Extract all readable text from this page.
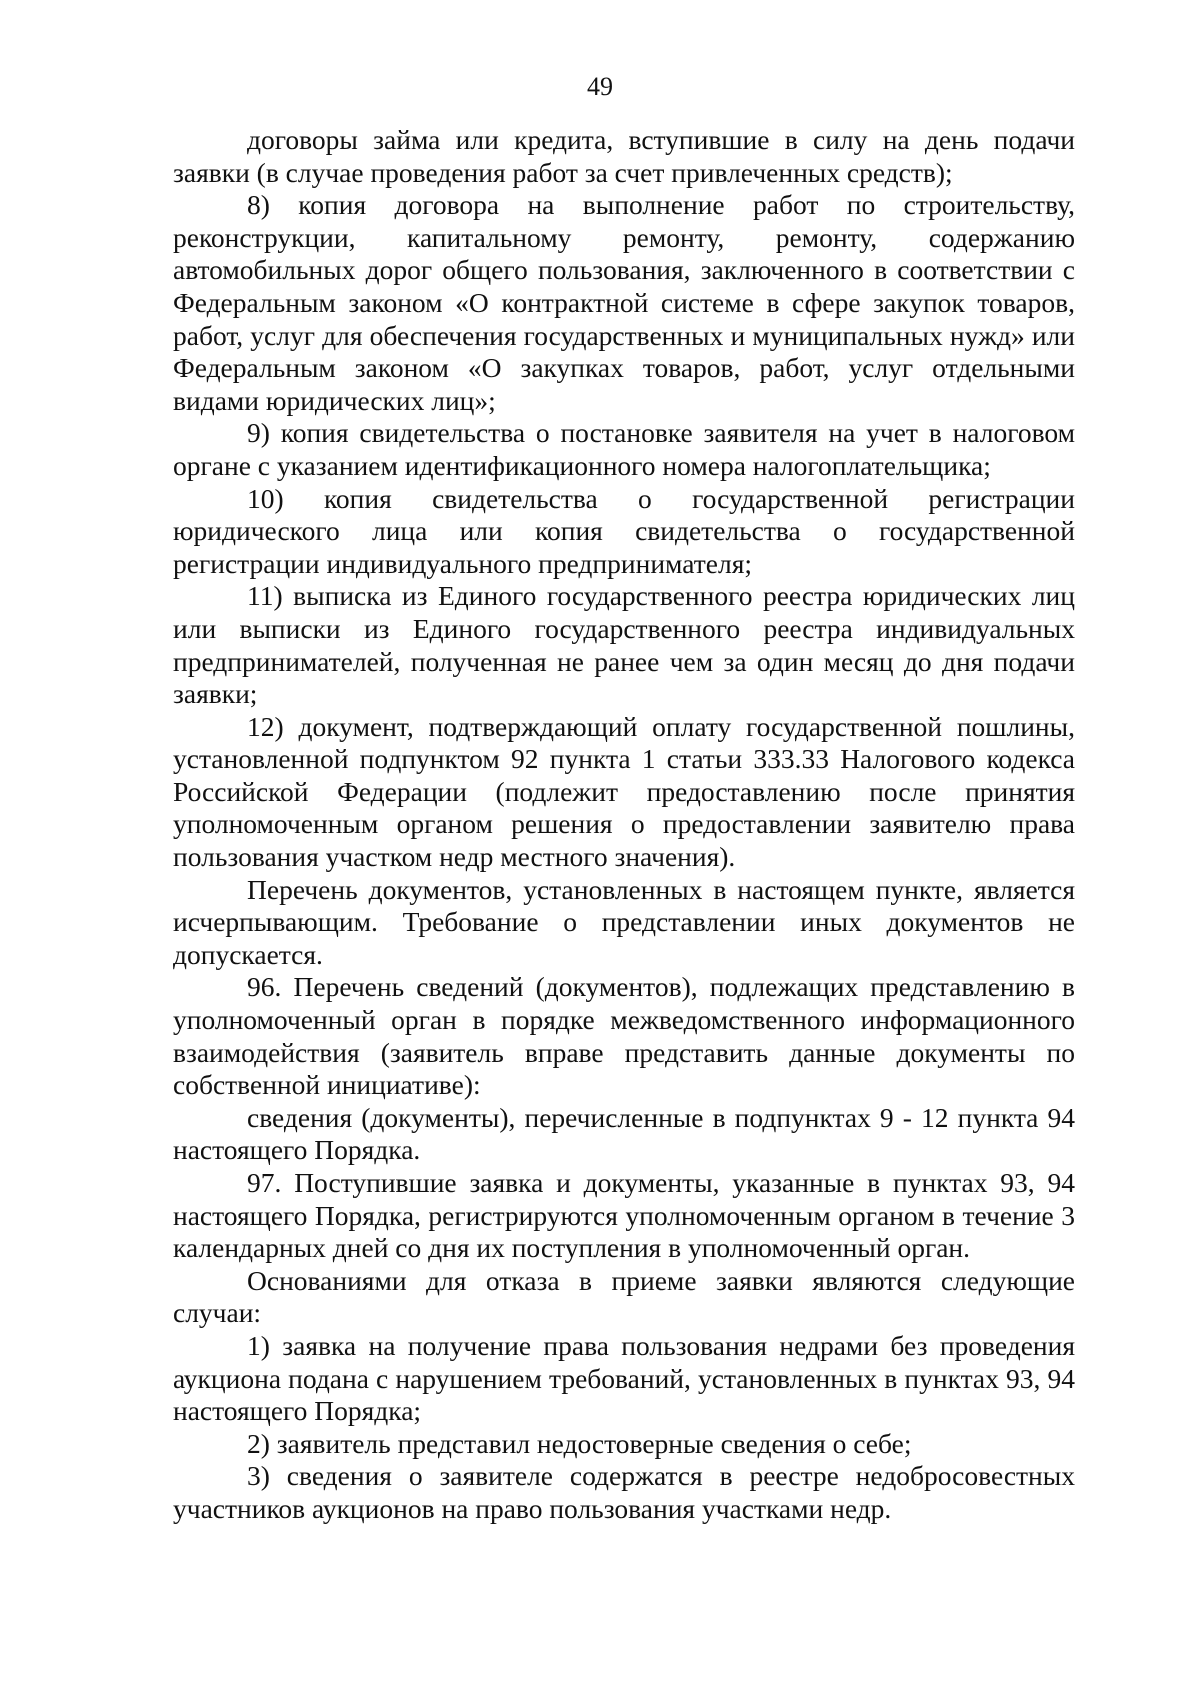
49

договоры займа или кредита, вступившие в силу на день подачи заявки (в случае проведения работ за счет привлеченных средств);

8) копия договора на выполнение работ по строительству, реконструкции, капитальному ремонту, ремонту, содержанию автомобильных дорог общего пользования, заключенного в соответствии с Федеральным законом «О контрактной системе в сфере закупок товаров, работ, услуг для обеспечения государственных и муниципальных нужд» или Федеральным законом «О закупках товаров, работ, услуг отдельными видами юридических лиц»;

9) копия свидетельства о постановке заявителя на учет в налоговом органе с указанием идентификационного номера налогоплательщика;

10) копия свидетельства о государственной регистрации юридического лица или копия свидетельства о государственной регистрации индивидуального предпринимателя;

11) выписка из Единого государственного реестра юридических лиц или выписки из Единого государственного реестра индивидуальных предпринимателей, полученная не ранее чем за один месяц до дня подачи заявки;

12) документ, подтверждающий оплату государственной пошлины, установленной подпунктом 92 пункта 1 статьи 333.33 Налогового кодекса Российской Федерации (подлежит предоставлению после принятия уполномоченным органом решения о предоставлении заявителю права пользования участком недр местного значения).

Перечень документов, установленных в настоящем пункте, является исчерпывающим. Требование о представлении иных документов не допускается.

96. Перечень сведений (документов), подлежащих представлению в уполномоченный орган в порядке межведомственного информационного взаимодействия (заявитель вправе представить данные документы по собственной инициативе):

сведения (документы), перечисленные в подпунктах 9 - 12 пункта 94 настоящего Порядка.

97. Поступившие заявка и документы, указанные в пунктах 93, 94 настоящего Порядка, регистрируются уполномоченным органом в течение 3 календарных дней со дня их поступления в уполномоченный орган.

Основаниями для отказа в приеме заявки являются следующие случаи:

1) заявка на получение права пользования недрами без проведения аукциона подана с нарушением требований, установленных в пунктах 93, 94 настоящего Порядка;

2) заявитель представил недостоверные сведения о себе;

3) сведения о заявителе содержатся в реестре недобросовестных участников аукционов на право пользования участками недр.
